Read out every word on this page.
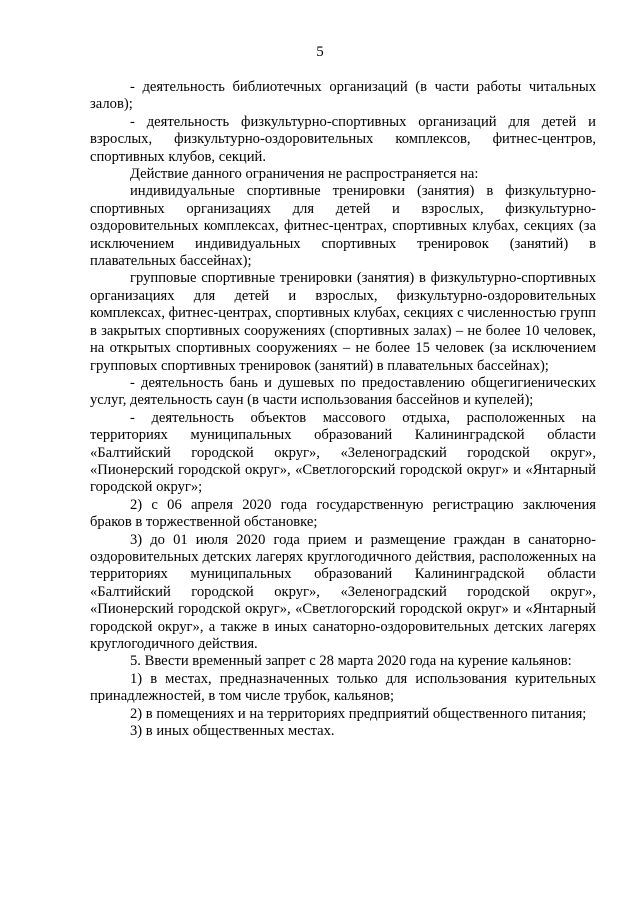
5

- деятельность библиотечных организаций (в части работы читальных залов);

- деятельность физкультурно-спортивных организаций для детей и взрослых, физкультурно-оздоровительных комплексов, фитнес-центров, спортивных клубов, секций.

Действие данного ограничения не распространяется на:

индивидуальные спортивные тренировки (занятия) в физкультурно-спортивных организациях для детей и взрослых, физкультурно-оздоровительных комплексах, фитнес-центрах, спортивных клубах, секциях (за исключением индивидуальных спортивных тренировок (занятий) в плавательных бассейнах);

групповые спортивные тренировки (занятия) в физкультурно-спортивных организациях для детей и взрослых, физкультурно-оздоровительных комплексах, фитнес-центрах, спортивных клубах, секциях с численностью групп в закрытых спортивных сооружениях (спортивных залах) – не более 10 человек, на открытых спортивных сооружениях – не более 15 человек (за исключением групповых спортивных тренировок (занятий) в плавательных бассейнах);

- деятельность бань и душевых по предоставлению общегигиенических услуг, деятельность саун (в части использования бассейнов и купелей);

- деятельность объектов массового отдыха, расположенных на территориях муниципальных образований Калининградской области «Балтийский городской округ», «Зеленоградский городской округ», «Пионерский городской округ», «Светлогорский городской округ» и «Янтарный городской округ»;

2) с 06 апреля 2020 года государственную регистрацию заключения браков в торжественной обстановке;

3) до 01 июля 2020 года прием и размещение граждан в санаторно-оздоровительных детских лагерях круглогодичного действия, расположенных на территориях муниципальных образований Калининградской области «Балтийский городской округ», «Зеленоградский городской округ», «Пионерский городской округ», «Светлогорский городской округ» и «Янтарный городской округ», а также в иных санаторно-оздоровительных детских лагерях круглогодичного действия.

5. Ввести временный запрет с 28 марта 2020 года на курение кальянов:

1) в местах, предназначенных только для использования курительных принадлежностей, в том числе трубок, кальянов;

2) в помещениях и на территориях предприятий общественного питания;

3) в иных общественных местах.
